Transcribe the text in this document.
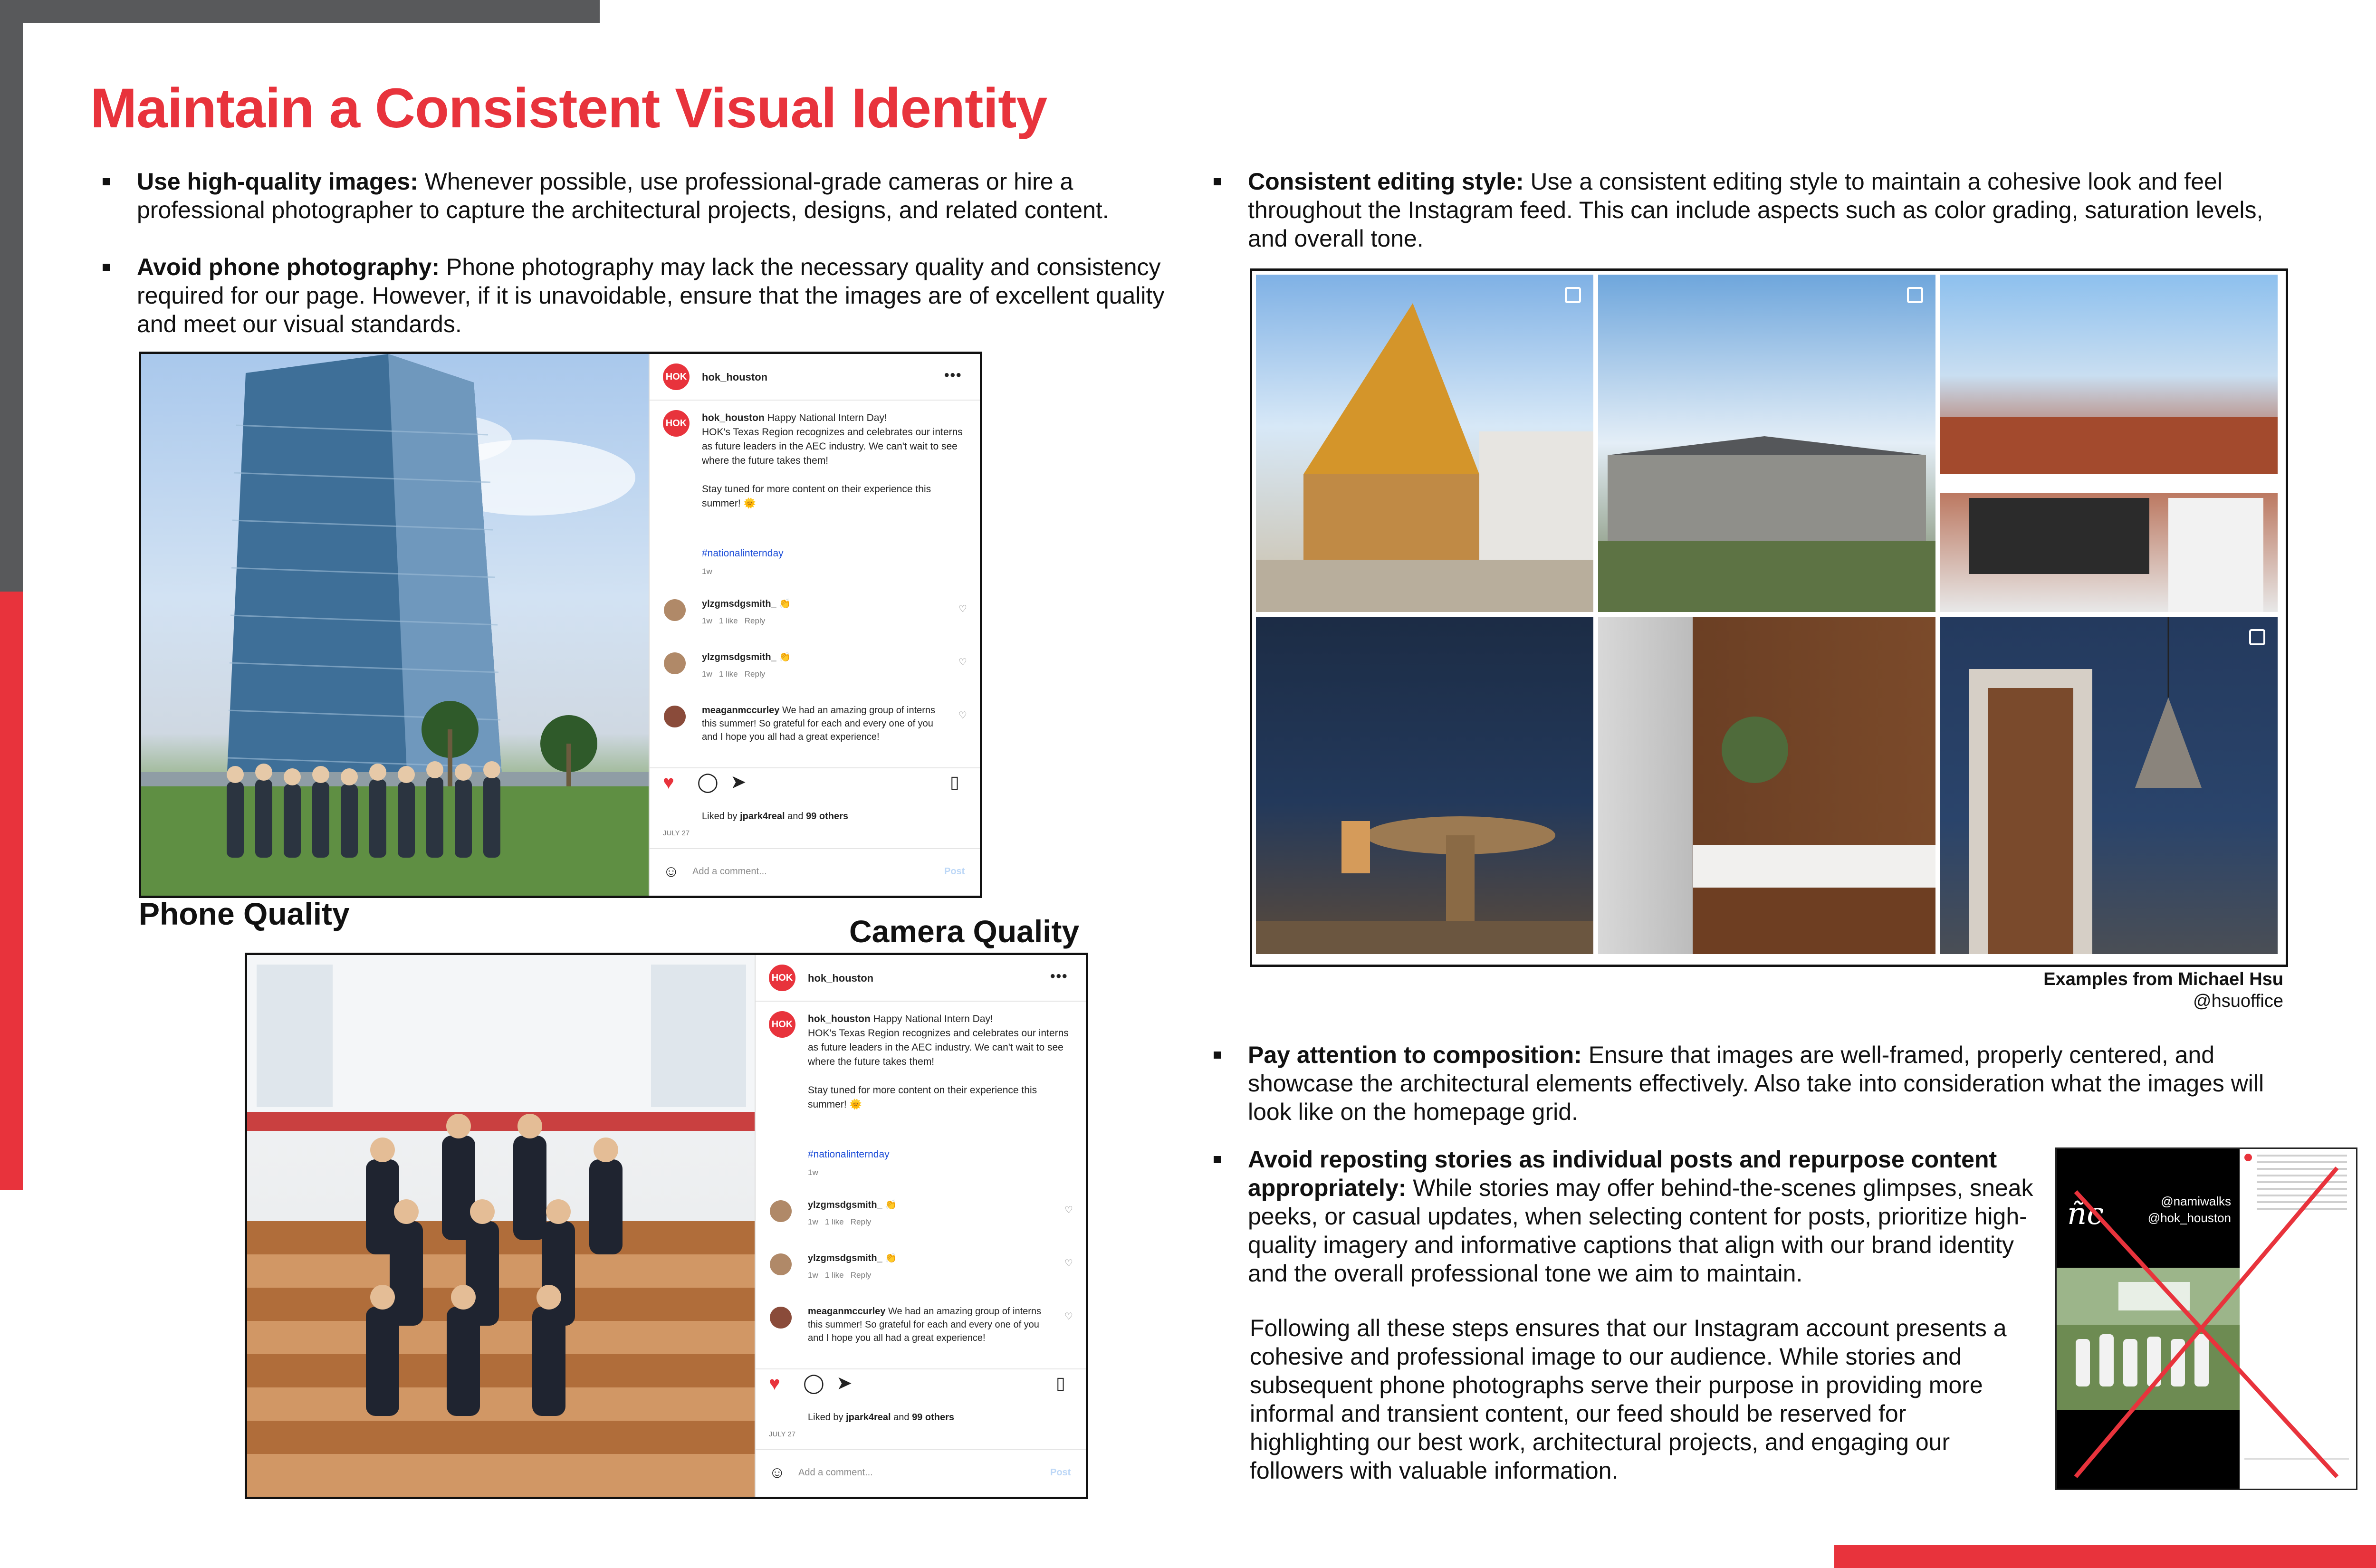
Maintain a Consistent Visual Identity
Use high-quality images: Whenever possible, use professional-grade cameras or hire a professional photographer to capture the architectural projects, designs, and related content.
Avoid phone photography: Phone photography may lack the necessary quality and consistency required for our page. However, if it is unavoidable, ensure that the images are of excellent quality and meet our visual standards.
HOK hok_houston	•••
HOK hok_houston Happy National Intern Day!
HOK's Texas Region recognizes and celebrates our interns as future leaders in the AEC industry. We can't wait to see where the future takes them!

Stay tuned for more content on their experience this summer! 🌞
#nationalinternday
1w
ylzgmsdgsmith_ 👏
1w 1 like Reply
♡
ylzgmsdgsmith_ 👏
1w 1 like Reply
♡
meaganmccurley We had an amazing group of interns this summer! So grateful for each and every one of you and I hope you all had a great experience!
♡
♥ ◯ ➤	▯
Liked by jpark4real and 99 others
JULY 27
☺ Add a comment...	Post
Phone Quality	Camera Quality
HOK hok_houston	•••
HOK hok_houston Happy National Intern Day!
HOK's Texas Region recognizes and celebrates our interns as future leaders in the AEC industry. We can't wait to see where the future takes them!

Stay tuned for more content on their experience this summer! 🌞
#nationalinternday
1w
ylzgmsdgsmith_ 👏
1w 1 like Reply
♡
ylzgmsdgsmith_ 👏
1w 1 like Reply
♡
meaganmccurley We had an amazing group of interns this summer! So grateful for each and every one of you and I hope you all had a great experience!
♡
♥ ◯ ➤	▯
Liked by jpark4real and 99 others
JULY 27
☺ Add a comment...	Post
Consistent editing style: Use a consistent editing style to maintain a cohesive look and feel throughout the Instagram feed. This can include aspects such as color grading, saturation levels, and overall tone.
Examples from Michael Hsu
@hsuoffice
Pay attention to composition: Ensure that images are well-framed, properly centered, and showcase the architectural elements effectively. Also take into consideration what the images will look like on the homepage grid.
Avoid reposting stories as individual posts and repurpose content appropriately: While stories may offer behind-the-scenes glimpses, sneak peeks, or casual updates, when selecting content for posts, prioritize high-quality imagery and informative captions that align with our brand identity and the overall professional tone we aim to maintain.
Following all these steps ensures that our Instagram account presents a cohesive and professional image to our audience. While stories and subsequent phone photographs serve their purpose in providing more informal and transient content, our feed should be reserved for highlighting our best work, architectural projects, and engaging our followers with valuable information.
ñc	@namiwalks
@hok_houston
